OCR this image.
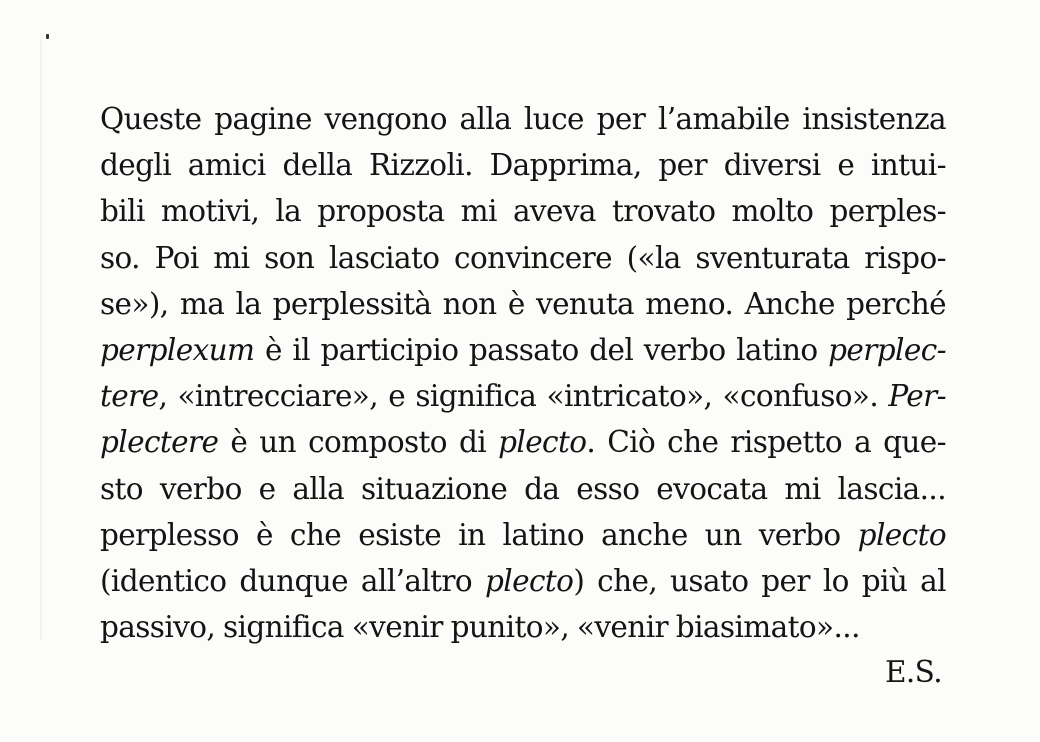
Queste pagine vengono alla luce per l’amabile insistenza
degli amici della Rizzoli. Dapprima, per diversi e intui-
bili motivi, la proposta mi aveva trovato molto perples-
so. Poi mi son lasciato convincere («la sventurata rispo-
se»), ma la perplessità non è venuta meno. Anche perché
perplexum è il participio passato del verbo latino perplec-
tere, «intrecciare», e significa «intricato», «confuso». Per-
plectere è un composto di plecto. Ciò che rispetto a que-
sto verbo e alla situazione da esso evocata mi lascia...
perplesso è che esiste in latino anche un verbo plecto
(identico dunque all’altro plecto) che, usato per lo più al
passivo, significa «venir punito», «venir biasimato»...
E.S.
